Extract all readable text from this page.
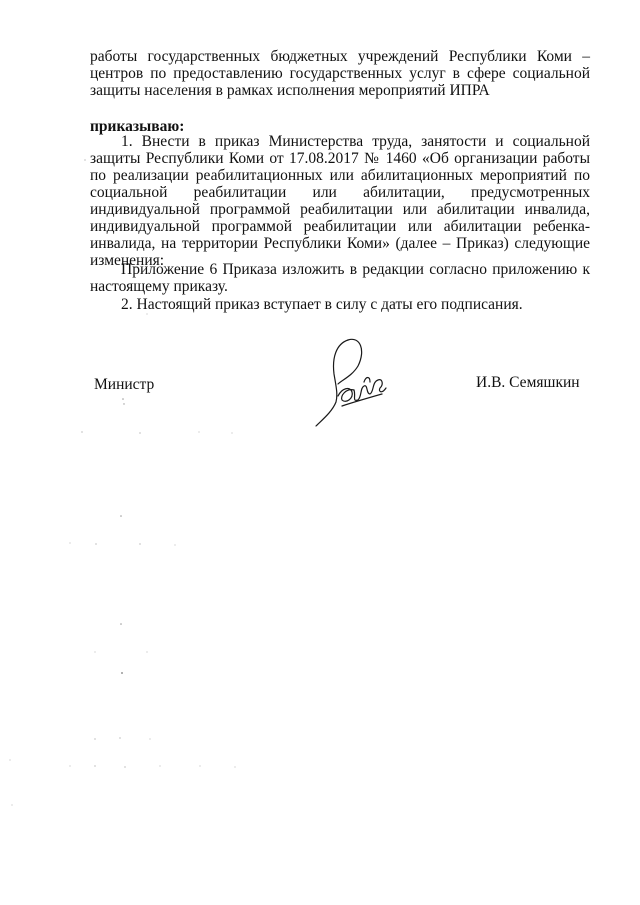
работы государственных бюджетных учреждений Республики Коми – центров по предоставлению государственных услуг в сфере социальной защиты населения в рамках исполнения мероприятий ИПРА
приказываю:
1. Внести в приказ Министерства труда, занятости и социальной защиты Республики Коми от 17.08.2017 № 1460 «Об организации работы по реализации реабилитационных или абилитационных мероприятий по социальной реабилитации или абилитации, предусмотренных индивидуальной программой реабилитации или абилитации инвалида, индивидуальной программой реабилитации или абилитации ребенка-инвалида, на территории Республики Коми» (далее – Приказ) следующие изменения:
Приложение 6 Приказа изложить в редакции согласно приложению к настоящему приказу.
2. Настоящий приказ вступает в силу с даты его подписания.
Министр	И.В. Семяшкин
